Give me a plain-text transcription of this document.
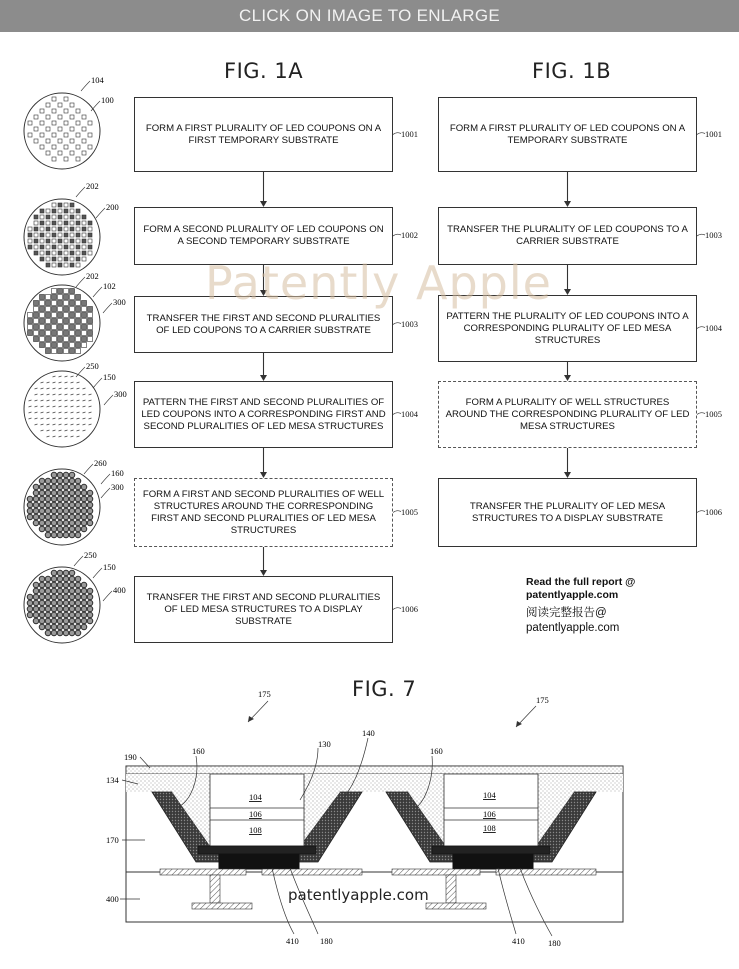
CLICK ON IMAGE TO ENLARGE
FIG. 1A	FIG. 1B
104
100
202
200
202
102
300
250
150
300
260
160
300
250
150
400
FORM A FIRST PLURALITY OF LED COUPONS ON A FIRST TEMPORARY SUBSTRATE
1001
FORM A SECOND PLURALITY OF LED COUPONS ON A SECOND TEMPORARY SUBSTRATE
1002
TRANSFER THE FIRST AND SECOND PLURALITIES OF LED COUPONS TO A CARRIER SUBSTRATE
1003
PATTERN THE FIRST AND SECOND PLURALITIES OF LED COUPONS INTO A CORRESPONDING FIRST AND SECOND PLURALITIES OF LED MESA STRUCTURES
1004
FORM A FIRST AND SECOND PLURALITIES OF WELL STRUCTURES AROUND THE CORRESPONDING FIRST AND SECOND PLURALITIES OF LED MESA STRUCTURES
1005
TRANSFER THE FIRST AND SECOND PLURALITIES OF LED MESA STRUCTURES TO A DISPLAY SUBSTRATE
1006
FORM A FIRST PLURALITY OF LED COUPONS ON A TEMPORARY SUBSTRATE
1001
TRANSFER THE PLURALITY OF LED COUPONS TO A CARRIER SUBSTRATE
1003
PATTERN THE PLURALITY OF LED COUPONS INTO A CORRESPONDING PLURALITY OF LED MESA STRUCTURES
1004
FORM A PLURALITY OF WELL STRUCTURES AROUND THE CORRESPONDING PLURALITY OF LED MESA STRUCTURES
1005
TRANSFER THE PLURALITY OF LED MESA STRUCTURES TO A DISPLAY SUBSTRATE
1006
Patently Apple
Read the full report @
patentlyapple.com
阅读完整报告@
patentlyapple.com
FIG. 7
175
175
190
134
170
400
160
130
140
160
104
106
108
104
106
108
410	180	410	180
patentlyapple.com
